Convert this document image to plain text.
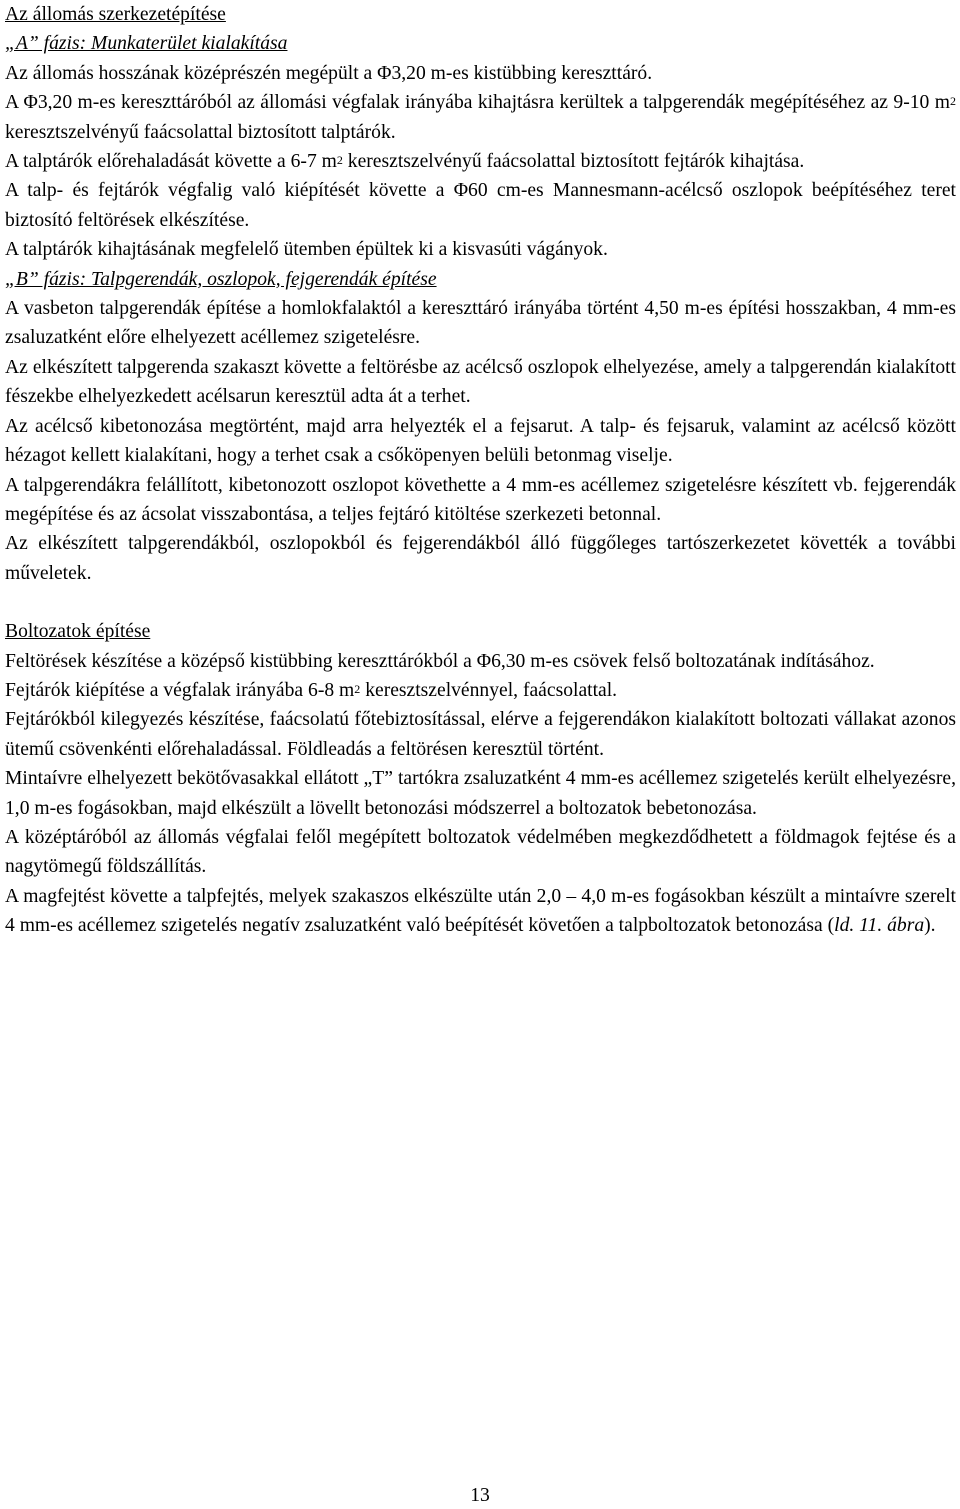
Az állomás szerkezetépítése

„A” fázis: Munkaterület kialakítása

Az állomás hosszának középrészén megépült a Φ3,20 m-es kistübbing kereszttáró.

A Φ3,20 m-es kereszttáróból az állomási végfalak irányába kihajtásra kerültek a talpgerendák megépítéséhez az 9-10 $m^2$ keresztszelvényű faácsolattal biztosított talptárók.

A talptárók előrehaladását követte a 6-7 $m^2$ keresztszelvényű faácsolattal biztosított fejtárók kihajtása.

A talp- és fejtárók végfalig való kiépítését követte a Φ60 cm-es Mannesmann-acélcső oszlopok beépítéséhez teret biztosító feltörések elkészítése.

A talptárók kihajtásának megfelelő ütemben épültek ki a kisvasúti vágányok.

„B” fázis: Talpgerendák, oszlopok, fejgerendák építése

A vasbeton talpgerendák építése a homlokfalaktól a kereszttáró irányába történt 4,50 m-es építési hosszakban, 4 mm-es zsaluzatként előre elhelyezett acéllemez szigetelésre.

Az elkészített talpgerenda szakaszt követte a feltörésbe az acélcső oszlopok elhelyezése, amely a talpgerendán kialakított fészekbe elhelyezkedett acélsarun keresztül adta át a terhet.

Az acélcső kibetonozása megtörtént, majd arra helyezték el a fejsarut. A talp- és fejsaruk, valamint az acélcső között hézagot kellett kialakítani, hogy a terhet csak a csőköpenyen belüli betonmag viselje.

A talpgerendákra felállított, kibetonozott oszlopot követhette a 4 mm-es acéllemez szigetelésre készített vb. fejgerendák megépítése és az ácsolat visszabontása, a teljes fejtáró kitöltése szerkezeti betonnal.

Az elkészített talpgerendákból, oszlopokból és fejgerendákból álló függőleges tartószerkezetet követték a további műveletek.

Boltozatok építése

Feltörések készítése a középső kistübbing kereszttárókból a Φ6,30 m-es csövek felső boltozatának indításához.

Fejtárók kiépítése a végfalak irányába 6-8 $m^2$ keresztszelvénnyel, faácsolattal.

Fejtárókból kilegyezés készítése, faácsolatú főtebiztosítással, elérve a fejgerendákon kialakított boltozati vállakat azonos ütemű csövenkénti előrehaladással. Földleadás a feltörésen keresztül történt.

Mintaívre elhelyezett bekötővasakkal ellátott „T” tartókra zsaluzatként 4 mm-es acéllemez szigetelés került elhelyezésre, 1,0 m-es fogásokban, majd elkészült a lövellt betonozási módszerrel a boltozatok bebetonozása.

A középtáróból az állomás végfalai felől megépített boltozatok védelmében megkezdődhetett a földmagok fejtése és a nagytömegű földszállítás.

A magfejtést követte a talpfejtés, melyek szakaszos elkészülte után 2,0 – 4,0 m-es fogásokban készült a mintaívre szerelt 4 mm-es acéllemez szigetelés negatív zsaluzatként való beépítését követően a talpboltozatok betonozása (ld. 11. ábra).

13
